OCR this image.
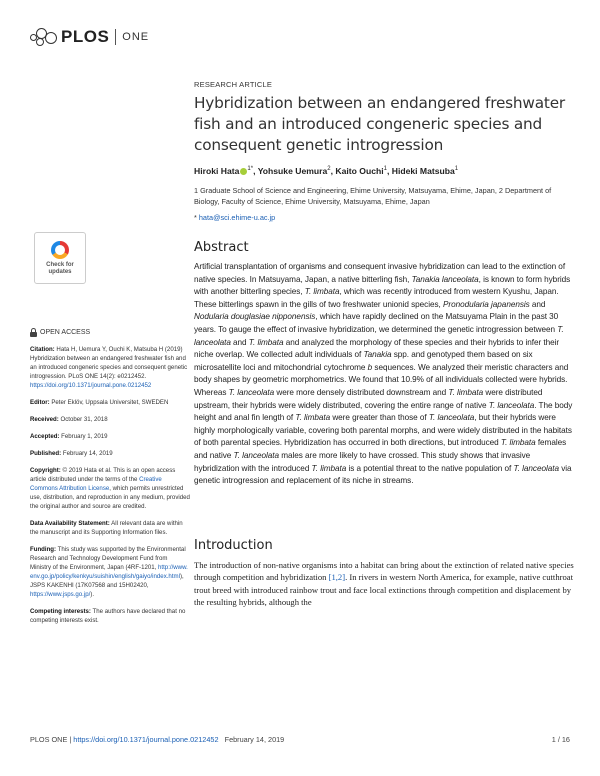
PLOS ONE
RESEARCH ARTICLE
Hybridization between an endangered freshwater fish and an introduced congeneric species and consequent genetic introgression
Hiroki Hata $^{1*}$, Yohsuke Uemura$^2$, Kaito Ouchi$^1$, Hideki Matsuba$^1$
1 Graduate School of Science and Engineering, Ehime University, Matsuyama, Ehime, Japan, 2 Department of Biology, Faculty of Science, Ehime University, Matsuyama, Ehime, Japan
* hata@sci.ehime-u.ac.jp
Abstract
Artificial transplantation of organisms and consequent invasive hybridization can lead to the extinction of native species. In Matsuyama, Japan, a native bitterling fish, Tanakia lanceolata, is known to form hybrids with another bitterling species, T. limbata, which was recently introduced from western Kyushu, Japan. These bitterlings spawn in the gills of two freshwater unionid species, Pronodularia japanensis and Nodularia douglasiae nipponensis, which have rapidly declined on the Matsuyama Plain in the past 30 years. To gauge the effect of invasive hybridization, we determined the genetic introgression between T. lanceolata and T. limbata and analyzed the morphology of these species and their hybrids to infer their niche overlap. We collected adult individuals of Tanakia spp. and genotyped them based on six microsatellite loci and mitochondrial cytochrome b sequences. We analyzed their meristic characters and body shapes by geometric morphometrics. We found that 10.9% of all individuals collected were hybrids. Whereas T. lanceolata were more densely distributed downstream and T. limbata were distributed upstream, their hybrids were widely distributed, covering the entire range of native T. lanceolata. The body height and anal fin length of T. limbata were greater than those of T. lanceolata, but their hybrids were highly morphologically variable, covering both parental morphs, and were widely distributed in the habitats of both parental species. Hybridization has occurred in both directions, but introduced T. limbata females and native T. lanceolata males are more likely to have crossed. This study shows that invasive hybridization with the introduced T. limbata is a potential threat to the native population of T. lanceolata via genetic introgression and replacement of its niche in streams.
Introduction
The introduction of non-native organisms into a habitat can bring about the extinction of related native species through competition and hybridization [1,2]. In rivers in western North America, for example, native cutthroat trout breed with introduced rainbow trout and face local extinctions through competition and displacement by the resulting hybrids, although the
Check for updates
OPEN ACCESS
Citation: Hata H, Uemura Y, Ouchi K, Matsuba H (2019) Hybridization between an endangered freshwater fish and an introduced congeneric species and consequent genetic introgression. PLoS ONE 14(2): e0212452. https://doi.org/10.1371/journal.pone.0212452
Editor: Peter Eklöv, Uppsala Universitet, SWEDEN
Received: October 31, 2018
Accepted: February 1, 2019
Published: February 14, 2019
Copyright: © 2019 Hata et al. This is an open access article distributed under the terms of the Creative Commons Attribution License, which permits unrestricted use, distribution, and reproduction in any medium, provided the original author and source are credited.
Data Availability Statement: All relevant data are within the manuscript and its Supporting Information files.
Funding: This study was supported by the Environmental Research and Technology Development Fund from Ministry of the Environment, Japan (4RF-1201, http://www.env.go.jp/policy/kenkyu/suishin/english/gaiyo/index.html), JSPS KAKENHI (17K07568 and 15H02420, https://www.jsps.go.jp/).
Competing interests: The authors have declared that no competing interests exist.
PLOS ONE | https://doi.org/10.1371/journal.pone.0212452 February 14, 2019	1 / 16
